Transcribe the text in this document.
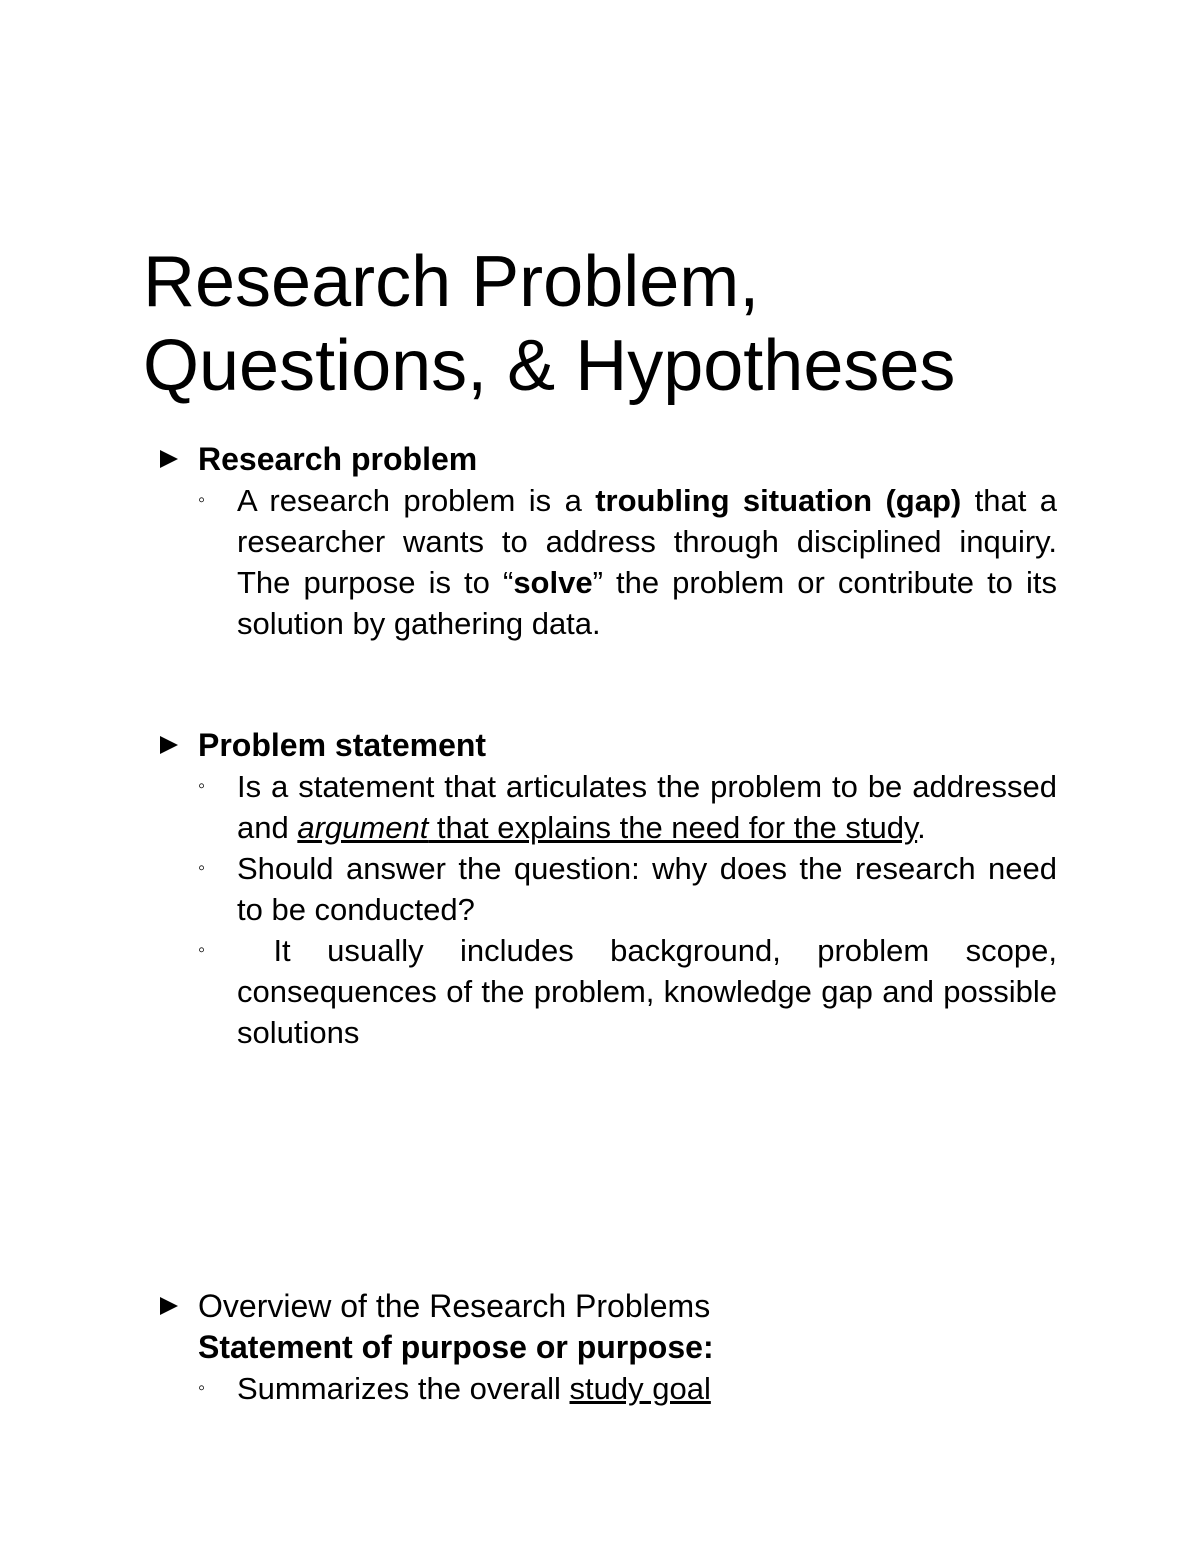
Research Problem,
Questions, & Hypotheses
Research problem
◦	A research problem is a troubling situation (gap) that a researcher wants to address through disciplined inquiry. The purpose is to “solve” the problem or contribute to its solution by gathering data.
Problem statement
◦	Is a statement that articulates the problem to be addressed and argument that explains the need for the study.
◦	Should answer the question: why does the research need to be conducted?
◦	It usually includes background, problem scope, consequences of the problem, knowledge gap and possible solutions
Overview of the Research Problems
Statement of purpose or purpose:
◦	Summarizes the overall study goal
